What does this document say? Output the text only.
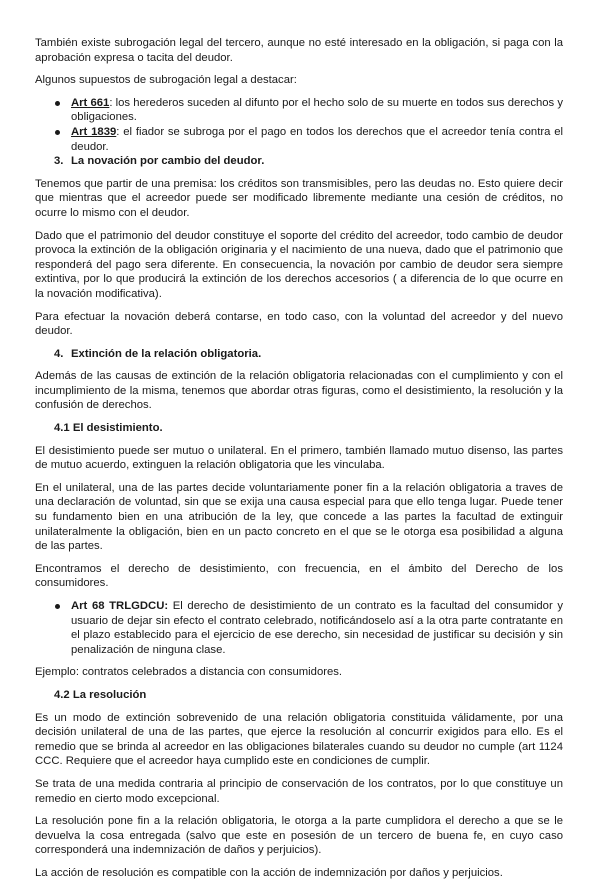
También existe subrogación legal del tercero, aunque no esté interesado en la obligación, si paga con la aprobación expresa o tacita del deudor.

Algunos supuestos de subrogación legal a destacar:

Art 661: los herederos suceden al difunto por el hecho solo de su muerte en todos sus derechos y obligaciones.
Art 1839: el fiador se subroga por el pago en todos los derechos que el acreedor tenía contra el deudor.
3. La novación por cambio del deudor.

Tenemos que partir de una premisa: los créditos son transmisibles, pero las deudas no. Esto quiere decir que mientras que el acreedor puede ser modificado libremente mediante una cesión de créditos, no ocurre lo mismo con el deudor.

Dado que el patrimonio del deudor constituye el soporte del crédito del acreedor, todo cambio de deudor provoca la extinción de la obligación originaria y el nacimiento de una nueva, dado que el patrimonio que responderá del pago sera diferente. En consecuencia, la novación por cambio de deudor sera siempre extintiva, por lo que producirá la extinción de los derechos accesorios ( a diferencia de lo que ocurre en la novación modificativa).

Para efectuar la novación deberá contarse, en todo caso, con la voluntad del acreedor y del nuevo deudor.

4. Extinción de la relación obligatoria.

Además de las causas de extinción de la relación obligatoria relacionadas con el cumplimiento y con el incumplimiento de la misma, tenemos que abordar otras figuras, como el desistimiento, la resolución y la confusión de derechos.

4.1 El desistimiento.

El desistimiento puede ser mutuo o unilateral. En el primero, también llamado mutuo disenso, las partes de mutuo acuerdo, extinguen la relación obligatoria que les vinculaba.

En el unilateral, una de las partes decide voluntariamente poner fin a la relación obligatoria a traves de una declaración de voluntad, sin que se exija una causa especial para que ello tenga lugar. Puede tener su fundamento bien en una atribución de la ley, que concede a las partes la facultad de extinguir unilateralmente la obligación, bien en un pacto concreto en el que se le otorga esa posibilidad a alguna de las partes.

Encontramos el derecho de desistimiento, con frecuencia, en el ámbito del Derecho de los consumidores.

Art 68 TRLGDCU: El derecho de desistimiento de un contrato es la facultad del consumidor y usuario de dejar sin efecto el contrato celebrado, notificándoselo así a la otra parte contratante en el plazo establecido para el ejercicio de ese derecho, sin necesidad de justificar su decisión y sin penalización de ninguna clase.

Ejemplo: contratos celebrados a distancia con consumidores.

4.2 La resolución

Es un modo de extinción sobrevenido de una relación obligatoria constituida válidamente, por una decisión unilateral de una de las partes, que ejerce la resolución al concurrir exigidos para ello. Es el remedio que se brinda al acreedor en las obligaciones bilaterales cuando su deudor no cumple (art 1124 CCC. Requiere que el acreedor haya cumplido este en condiciones de cumplir.

Se trata de una medida contraria al principio de conservación de los contratos, por lo que constituye un remedio en cierto modo excepcional.

La resolución pone fin a la relación obligatoria, le otorga a la parte cumplidora el derecho a que se le devuelva la cosa entregada (salvo que este en posesión de un tercero de buena fe, en cuyo caso corresponderá una indemnización de daños y perjuicios).

La acción de resolución es compatible con la acción de indemnización por daños y perjuicios.
